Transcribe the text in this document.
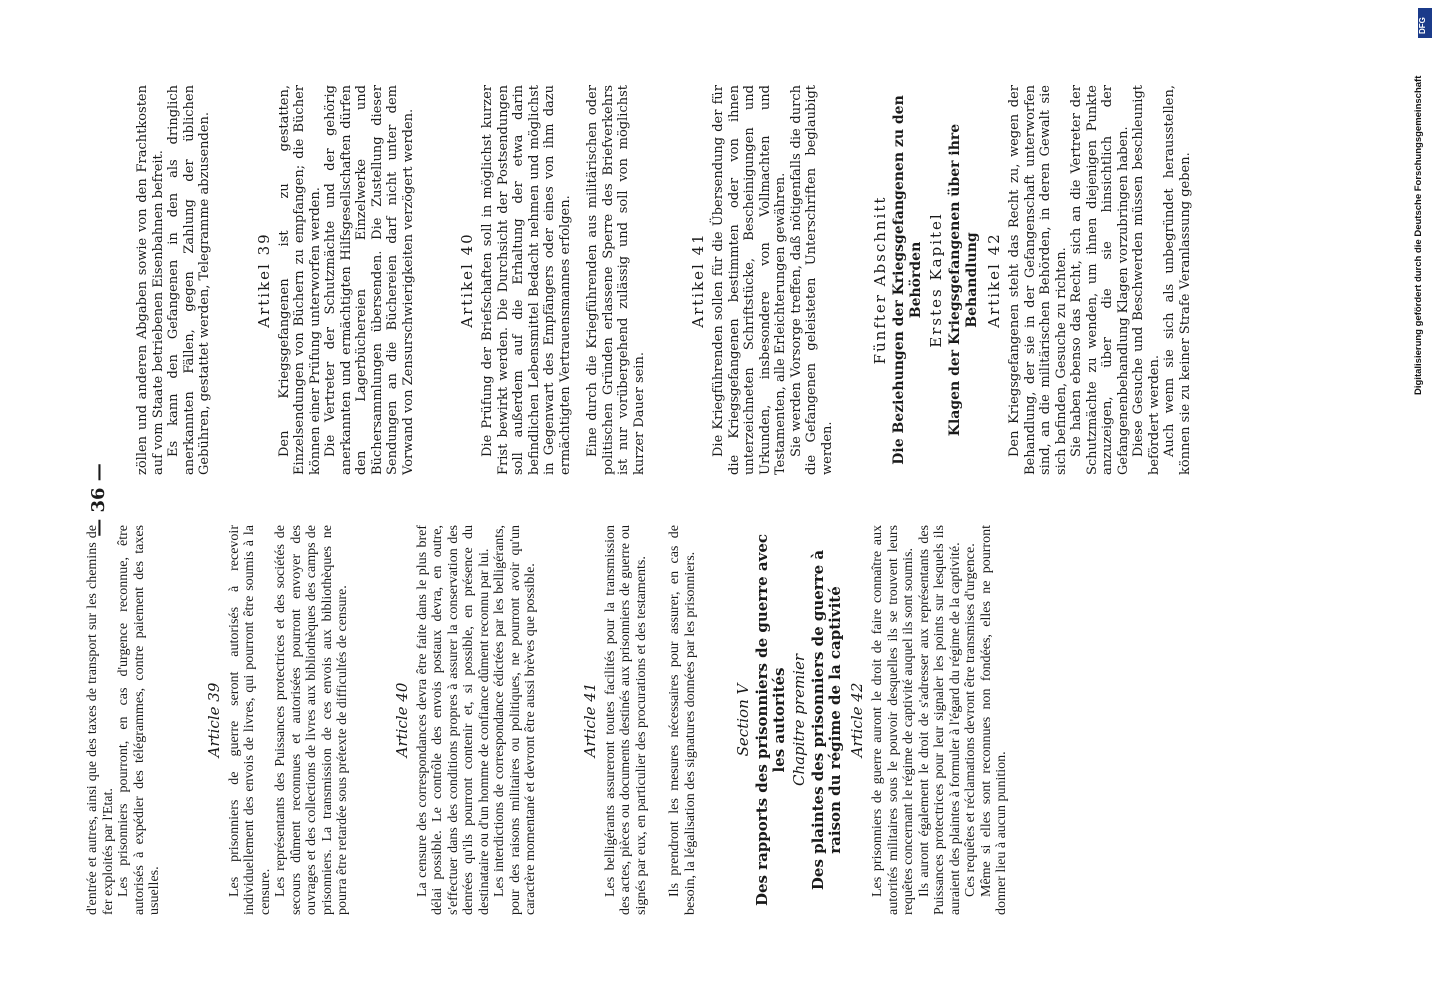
d'entrée et autres, ainsi que des taxes de transport sur les chemins de fer exploités par l'Etat. Les prisonniers pourront, en cas d'urgence reconnue, être autorisés à expédier des télégrammes, contre paiement des taxes usuelles.

Article 39 Les prisonniers de guerre seront autorisés à recevoir individuellement des envois de livres, qui pourront être soumis à la censure. Les représentants des Puissances protectrices et des sociétés de secours dûment reconnues et autorisées pourront envoyer des ouvrages et des collections de livres aux bibliothèques des camps de prisonniers. La transmission de ces envois aux bibliothèques ne pourra être retardée sous prétexte de difficultés de censure.	Article 40 La censure des correspondances devra être faite dans le plus bref délai possible. Le contrôle des envois postaux devra, en outre, s'effectuer dans des conditions propres à assurer la conservation des denrées qu'ils pourront contenir et, si possible, en présence du destinataire ou d'un homme de confiance dûment reconnu par lui. Les interdictions de correspondance édictées par les belligérants, pour des raisons militaires ou politiques, ne pourront avoir qu'un caractère momentané et devront être aussi brèves que possible.	Article 41 Les belligérants assureront toutes facilités pour la transmission des actes, pièces ou documents destinés aux prisonniers de guerre ou signés par eux, en particulier des procurations et des testaments. Ils prendront les mesures nécessaires pour assurer, en cas de besoin, la légalisation des signatures données par les prisonniers. Section V Des rapports des prisonniers de guerre avec les autorités Chapitre premier Des plaintes des prisonniers de guerre à raison du régime de la captivité Article 42 Les prisonniers de guerre auront le droit de faire connaître aux autorités militaires sous le pouvoir desquelles ils se trouvent leurs requêtes concernant le régime de captivité auquel ils sont soumis. Ils auront également le droit de s'adresser aux représentants des Puissances protectrices pour leur signaler les points sur lesquels ils auraient des plaintes à formuler à l'égard du régime de la captivité. Ces requêtes et réclamations devront être transmises d'urgence. Même si elles sont reconnues non fondées, elles ne pourront donner lieu à aucun punition.

zöllen und anderen Abgaben sowie von den Frachtkosten auf vom Staate betriebenen Eisenbahnen befreit. Es kann den Gefangenen in den als dringlich anerkannten Fällen, gegen Zahlung der üblichen Gebühren, gestattet werden, Telegramme abzusenden.	Artikel 39 Den Kriegsgefangenen ist zu gestatten, Einzelsendungen von Büchern zu empfangen; die Bücher können einer Prüfung unterworfen werden. Die Vertreter der Schutzmächte und der gehörig anerkannten und ermächtigten Hilfsgesellschaften dürfen den Lagerbüchereien Einzelwerke und Büchersammlungen übersenden. Die Zustellung dieser Sendungen an die Büchereien darf nicht unter dem Vorwand von Zensurschwierigkeiten verzögert werden.	Artikel 40 Die Prüfung der Briefschaften soll in möglichst kurzer Frist bewirkt werden. Die Durchsicht der Postsendungen soll außerdem auf die Erhaltung der etwa darin befindlichen Lebensmittel Bedacht nehmen und möglichst in Gegenwart des Empfängers oder eines von ihm dazu ermächtigten Vertrauensmannes erfolgen. Eine durch die Kriegführenden aus militärischen oder politischen Gründen erlassene Sperre des Briefverkehrs ist nur vorübergehend zulässig und soll von möglichst kurzer Dauer sein.

Artikel 41 Die Kriegführenden sollen für die Übersendung der für die Kriegsgefangenen bestimmten oder von ihnen unterzeichneten Schriftstücke, Bescheinigungen und Urkunden, insbesondere von Vollmachten und Testamenten, alle Erleichterungen gewähren. Sie werden Vorsorge treffen, daß nötigenfalls die durch die Gefangenen geleisteten Unterschriften beglaubigt werden.

Fünfter Abschnitt Die Beziehungen der Kriegsgefangenen zu den Behörden Erstes Kapitel Klagen der Kriegsgefangenen über ihre Behandlung Artikel 42 Den Kriegsgefangenen steht das Recht zu, wegen der Behandlung, der sie in der Gefangenschaft unterworfen sind, an die militärischen Behörden, in deren Gewalt sie sich befinden, Gesuche zu richten. Sie haben ebenso das Recht, sich an die Vertreter der Schutzmächte zu wenden, um ihnen diejenigen Punkte anzuzeigen, über die sie hinsichtlich der Gefangenenbehandlung Klagen vorzubringen haben. Diese Gesuche und Beschwerden müssen beschleunigt befördert werden. Auch wenn sie sich als unbegründet herausstellen, können sie zu keiner Strafe Veranlassung geben.

— 36 —
DFG
Digitalisierung gefördert durch die Deutsche Forschungsgemeinschaft
